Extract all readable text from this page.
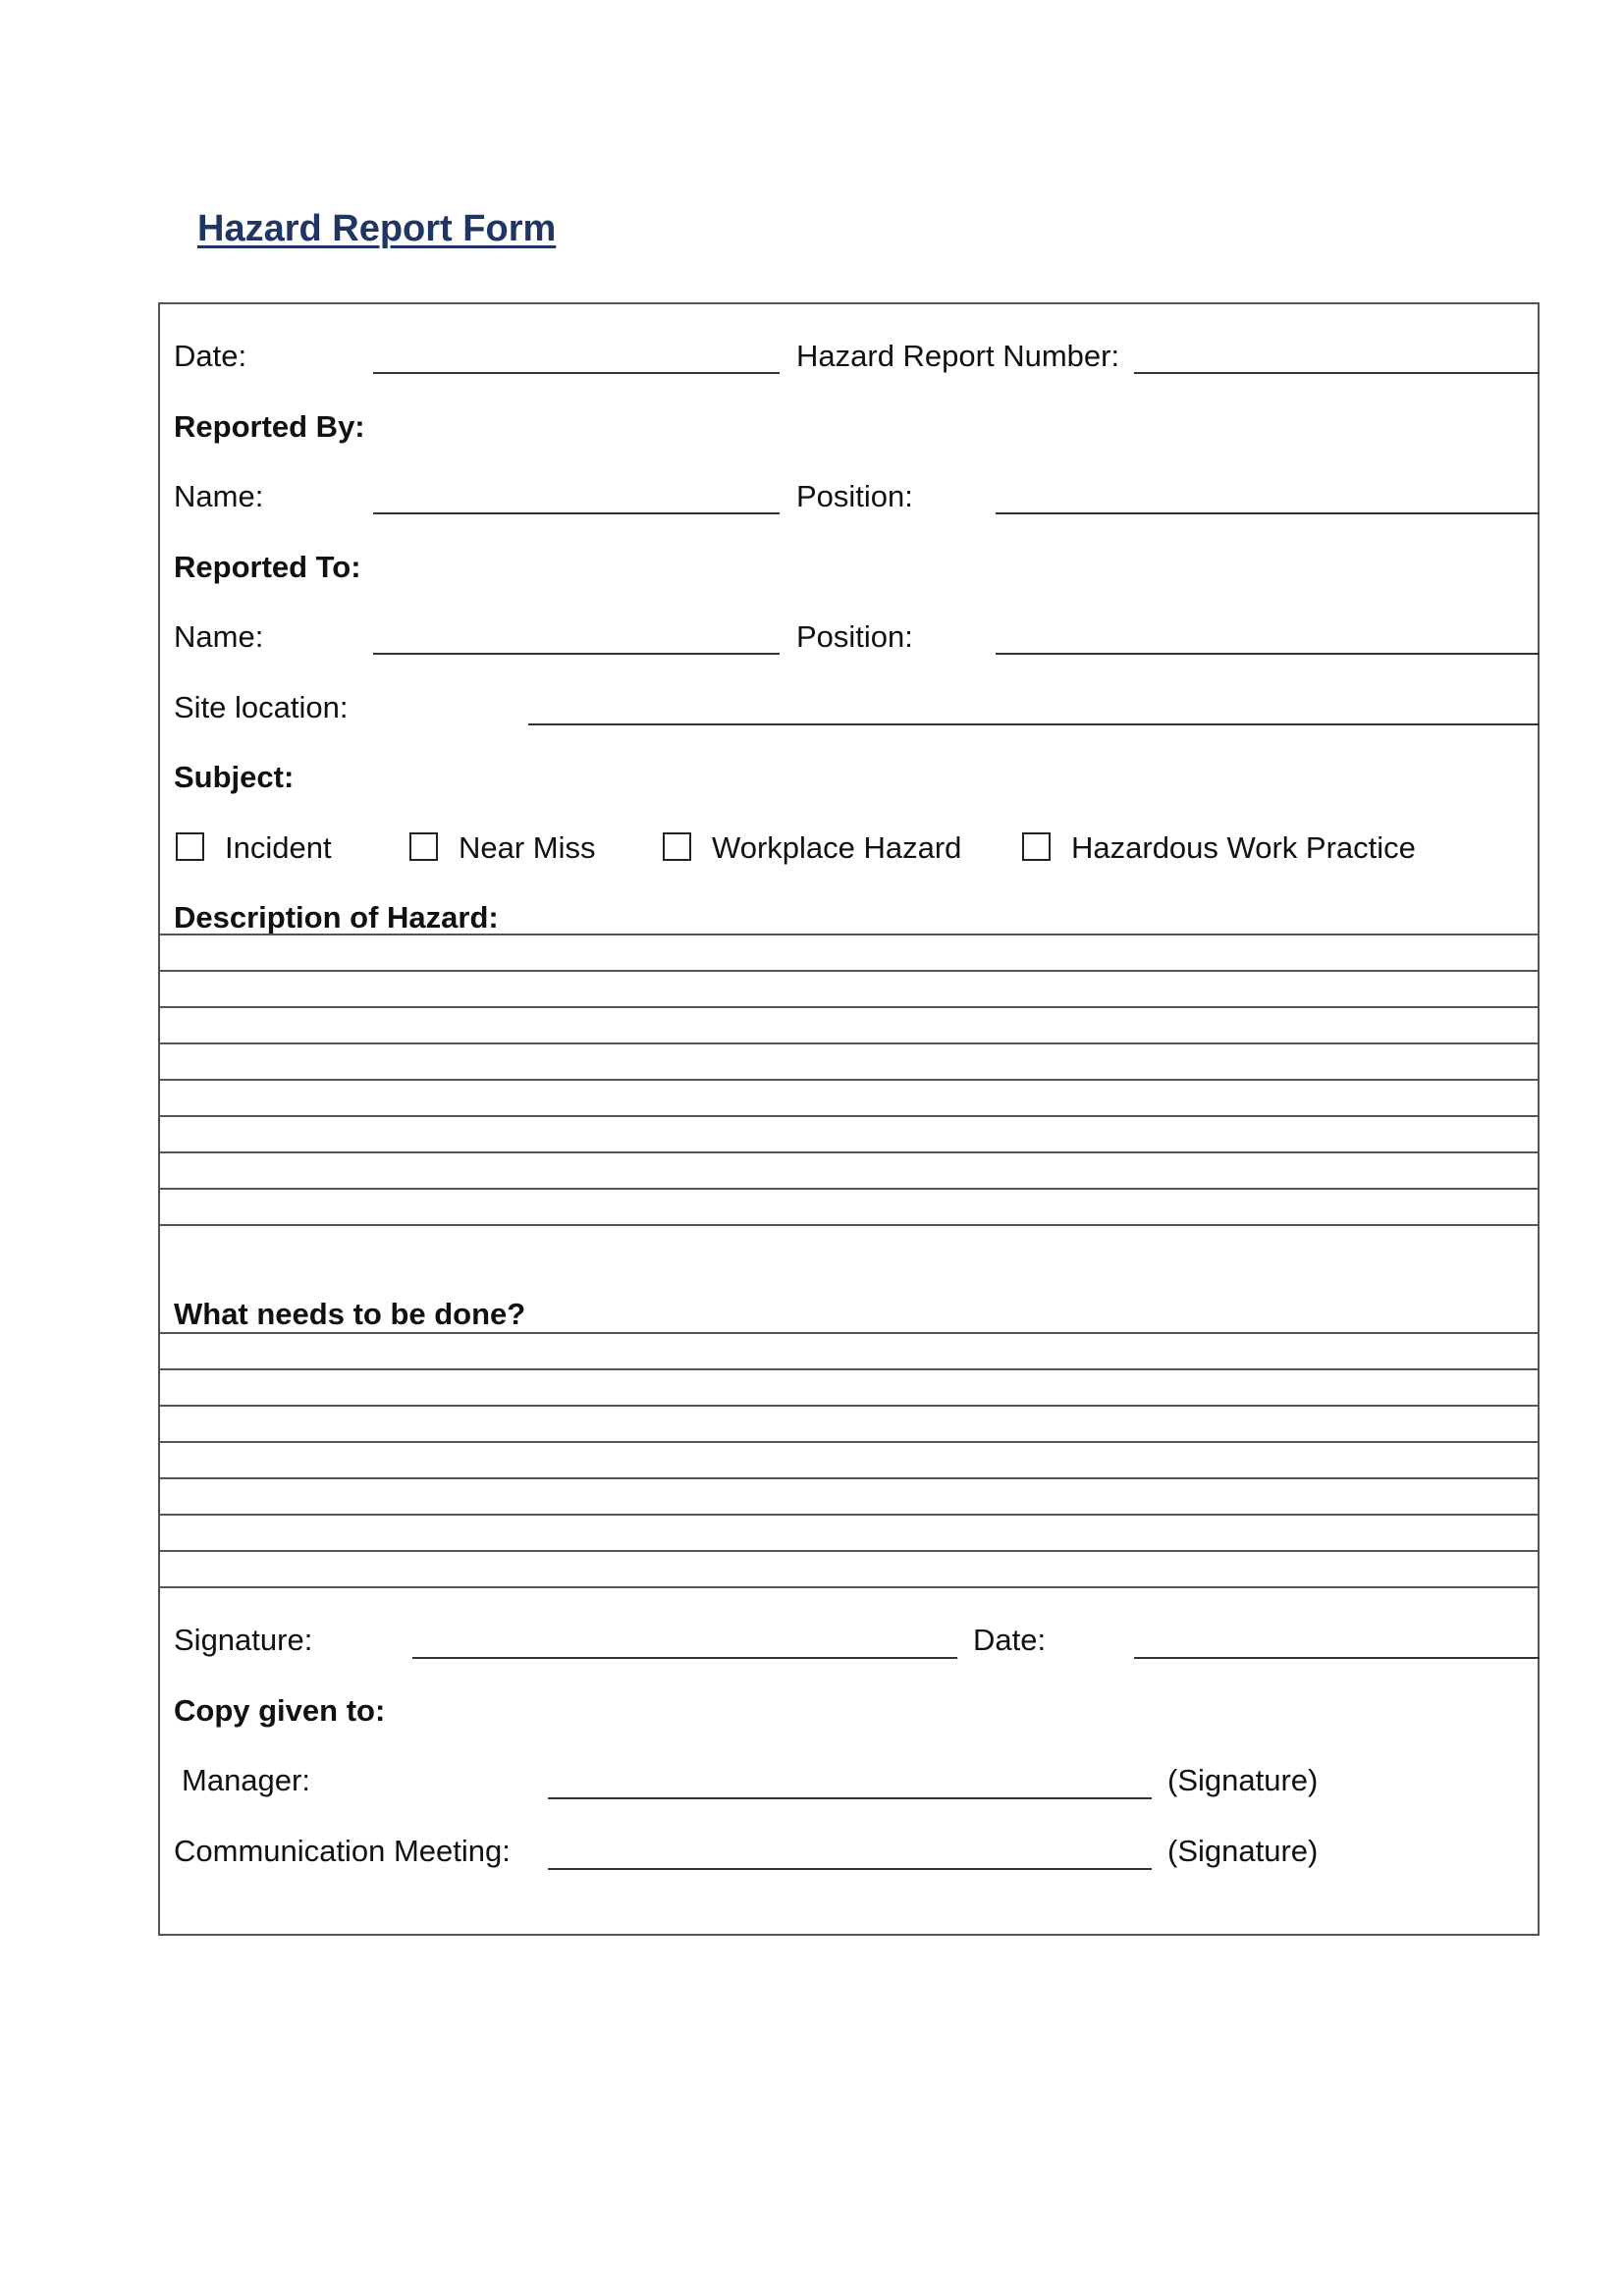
Hazard Report Form
Date:	Hazard Report Number:
Reported By:
Name:	Position:
Reported To:
Name:	Position:
Site location:
Subject:
Incident	Near Miss	Workplace Hazard	Hazardous Work Practice
Description of Hazard:
What needs to be done?
Signature:	Date:
Copy given to:
Manager:	(Signature)
Communication Meeting:	(Signature)
